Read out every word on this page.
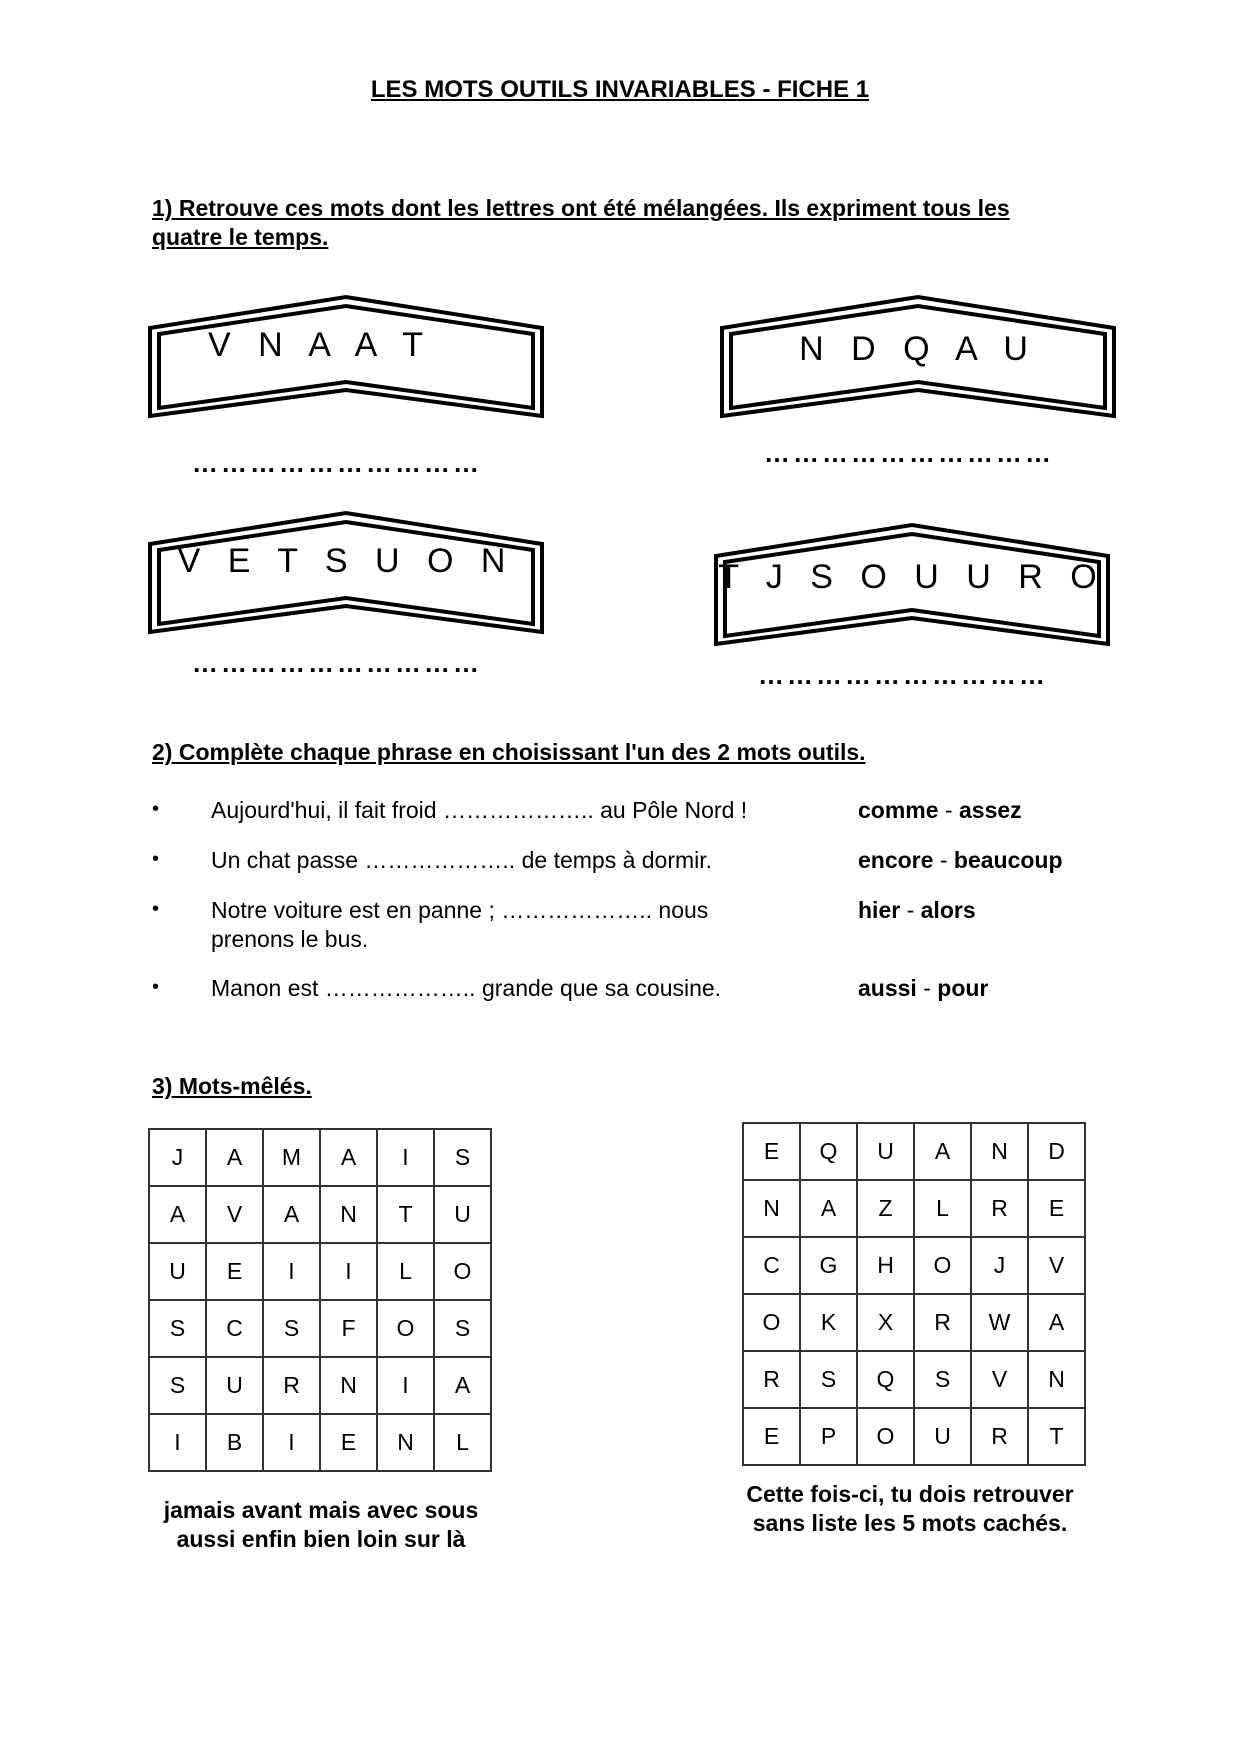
LES MOTS OUTILS INVARIABLES - FICHE 1
1) Retrouve ces mots dont les lettres ont été mélangées. Ils expriment tous les
quatre le temps.
V N A A T
…………………………
N D Q A U
…………………………
V E T S U O N
…………………………
T J S O U U R O
…………………………
2) Complète chaque phrase en choisissant l'un des 2 mots outils.
• Aujourd'hui, il fait froid ……………….. au Pôle Nord !	comme - assez
• Un chat passe ……………….. de temps à dormir.	encore - beaucoup
• Notre voiture est en panne ; ……………….. nous prenons le bus.
hier - alors
• Manon est ……………….. grande que sa cousine.	aussi - pour
3) Mots-mêlés.
J	A	M	A	I	S
A	V	A	N	T	U
U	E	I	I	L	O
S	C	S	F	O	S
S	U	R	N	I	A
I	B	I	E	N	L
jamais avant mais avec sous
aussi enfin bien loin sur là
E	Q	U	A	N	D
N	A	Z	L	R	E
C	G	H	O	J	V
O	K	X	R	W	A
R	S	Q	S	V	N
E	P	O	U	R	T
Cette fois-ci, tu dois retrouver
sans liste les 5 mots cachés.
